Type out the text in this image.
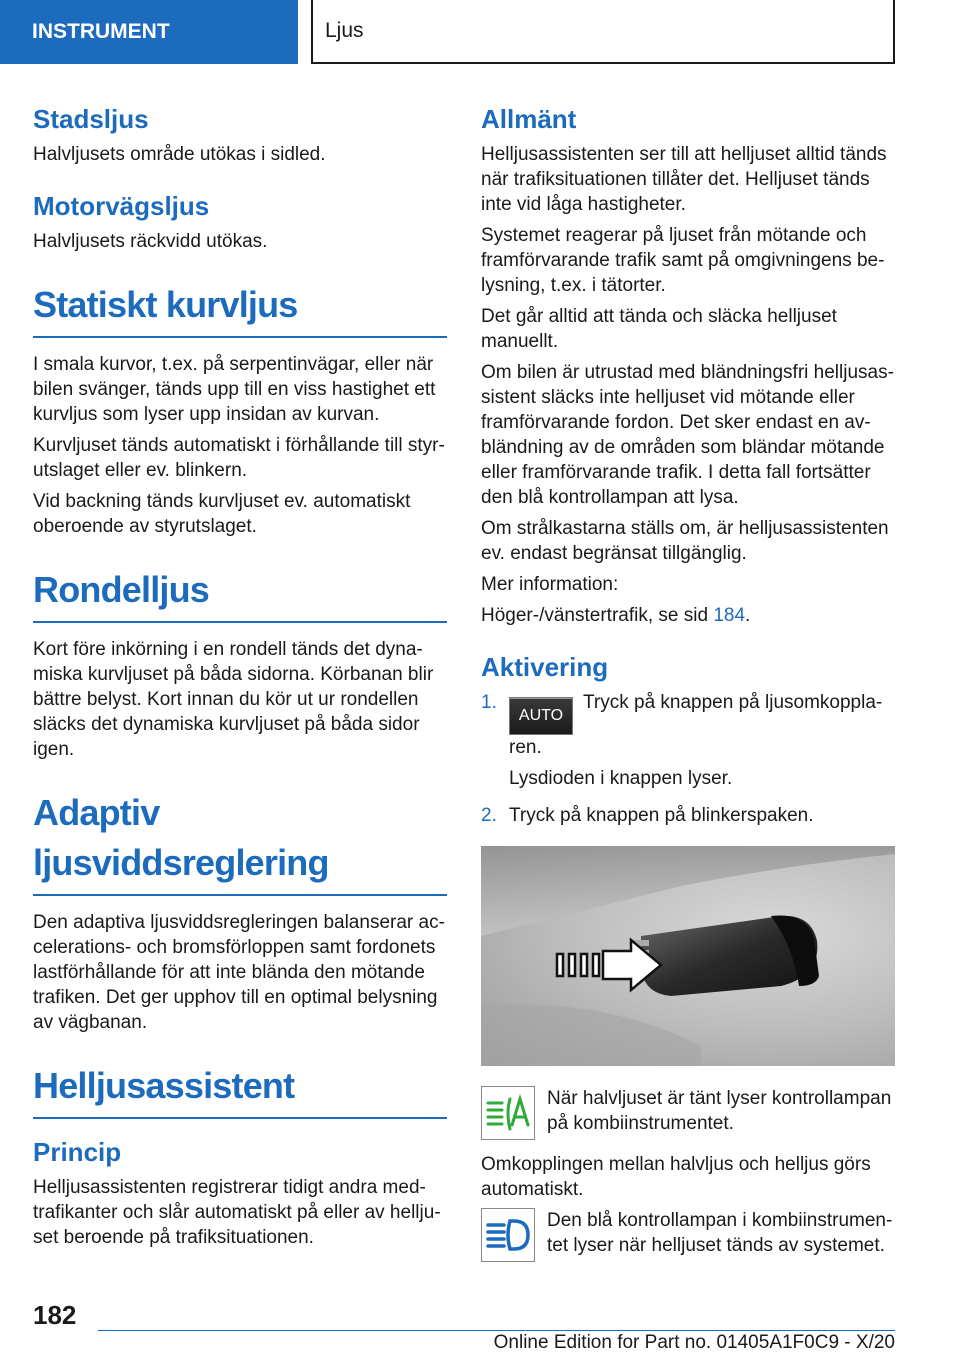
INSTRUMENT	Ljus
Stadsljus

Halvljusets område utökas i sidled.

Motorvägsljus

Halvljusets räckvidd utökas.

Statiskt kurvljus

I smala kurvor, t.ex. på serpentinvägar, eller när bilen svänger, tänds upp till en viss hastighet ett kurvljus som lyser upp insidan av kurvan.

Kurvljuset tänds automatiskt i förhållande till styrutslaget eller ev. blinkern.

Vid backning tänds kurvljuset ev. automatiskt oberoende av styrutslaget.

Rondelljus

Kort före inkörning i en rondell tänds det dynamiska kurvljuset på båda sidorna. Körbanan blir bättre belyst. Kort innan du kör ut ur rondellen släcks det dynamiska kurvljuset på båda sidor igen.

Adaptiv ljusviddsreglering

Den adaptiva ljusviddsregleringen balanserar accelerations- och bromsförloppen samt fordonets lastförhållande för att inte blända den mötande trafiken. Det ger upphov till en optimal belysning av vägbanan.

Helljusassistent
Princip

Helljusassistenten registrerar tidigt andra medtrafikanter och slår automatiskt på eller av helljuset beroende på trafiksituationen.

Allmänt

Helljusassistenten ser till att helljuset alltid tänds när trafiksituationen tillåter det. Helljuset tänds inte vid låga hastigheter.

Systemet reagerar på ljuset från mötande och framförvarande trafik samt på omgivningens belysning, t.ex. i tätorter.

Det går alltid att tända och släcka helljuset manuellt.

Om bilen är utrustad med bländningsfri helljusassistent släcks inte helljuset vid mötande eller framförvarande fordon. Det sker endast en avbländning av de områden som bländar mötande eller framförvarande trafik. I detta fall fortsätter den blå kontrollampan att lysa.

Om strålkastarna ställs om, är helljusassistenten ev. endast begränsat tillgänglig.

Mer information:

Höger-/vänstertrafik, se sid 184.

Aktivering
1.

AUTOTryck på knappen på ljusomkopplaren.

Lysdioden i knappen lyser.

2. Tryck på knappen på blinkerspaken.

När halvljuset är tänt lyser kontrollampan på kombiinstrumentet.

Omkopplingen mellan halvljus och helljus görs automatiskt.

Den blå kontrollampan i kombiinstrumentet lyser när helljuset tänds av systemet.

182
Online Edition for Part no. 01405A1F0C9 - X/20
